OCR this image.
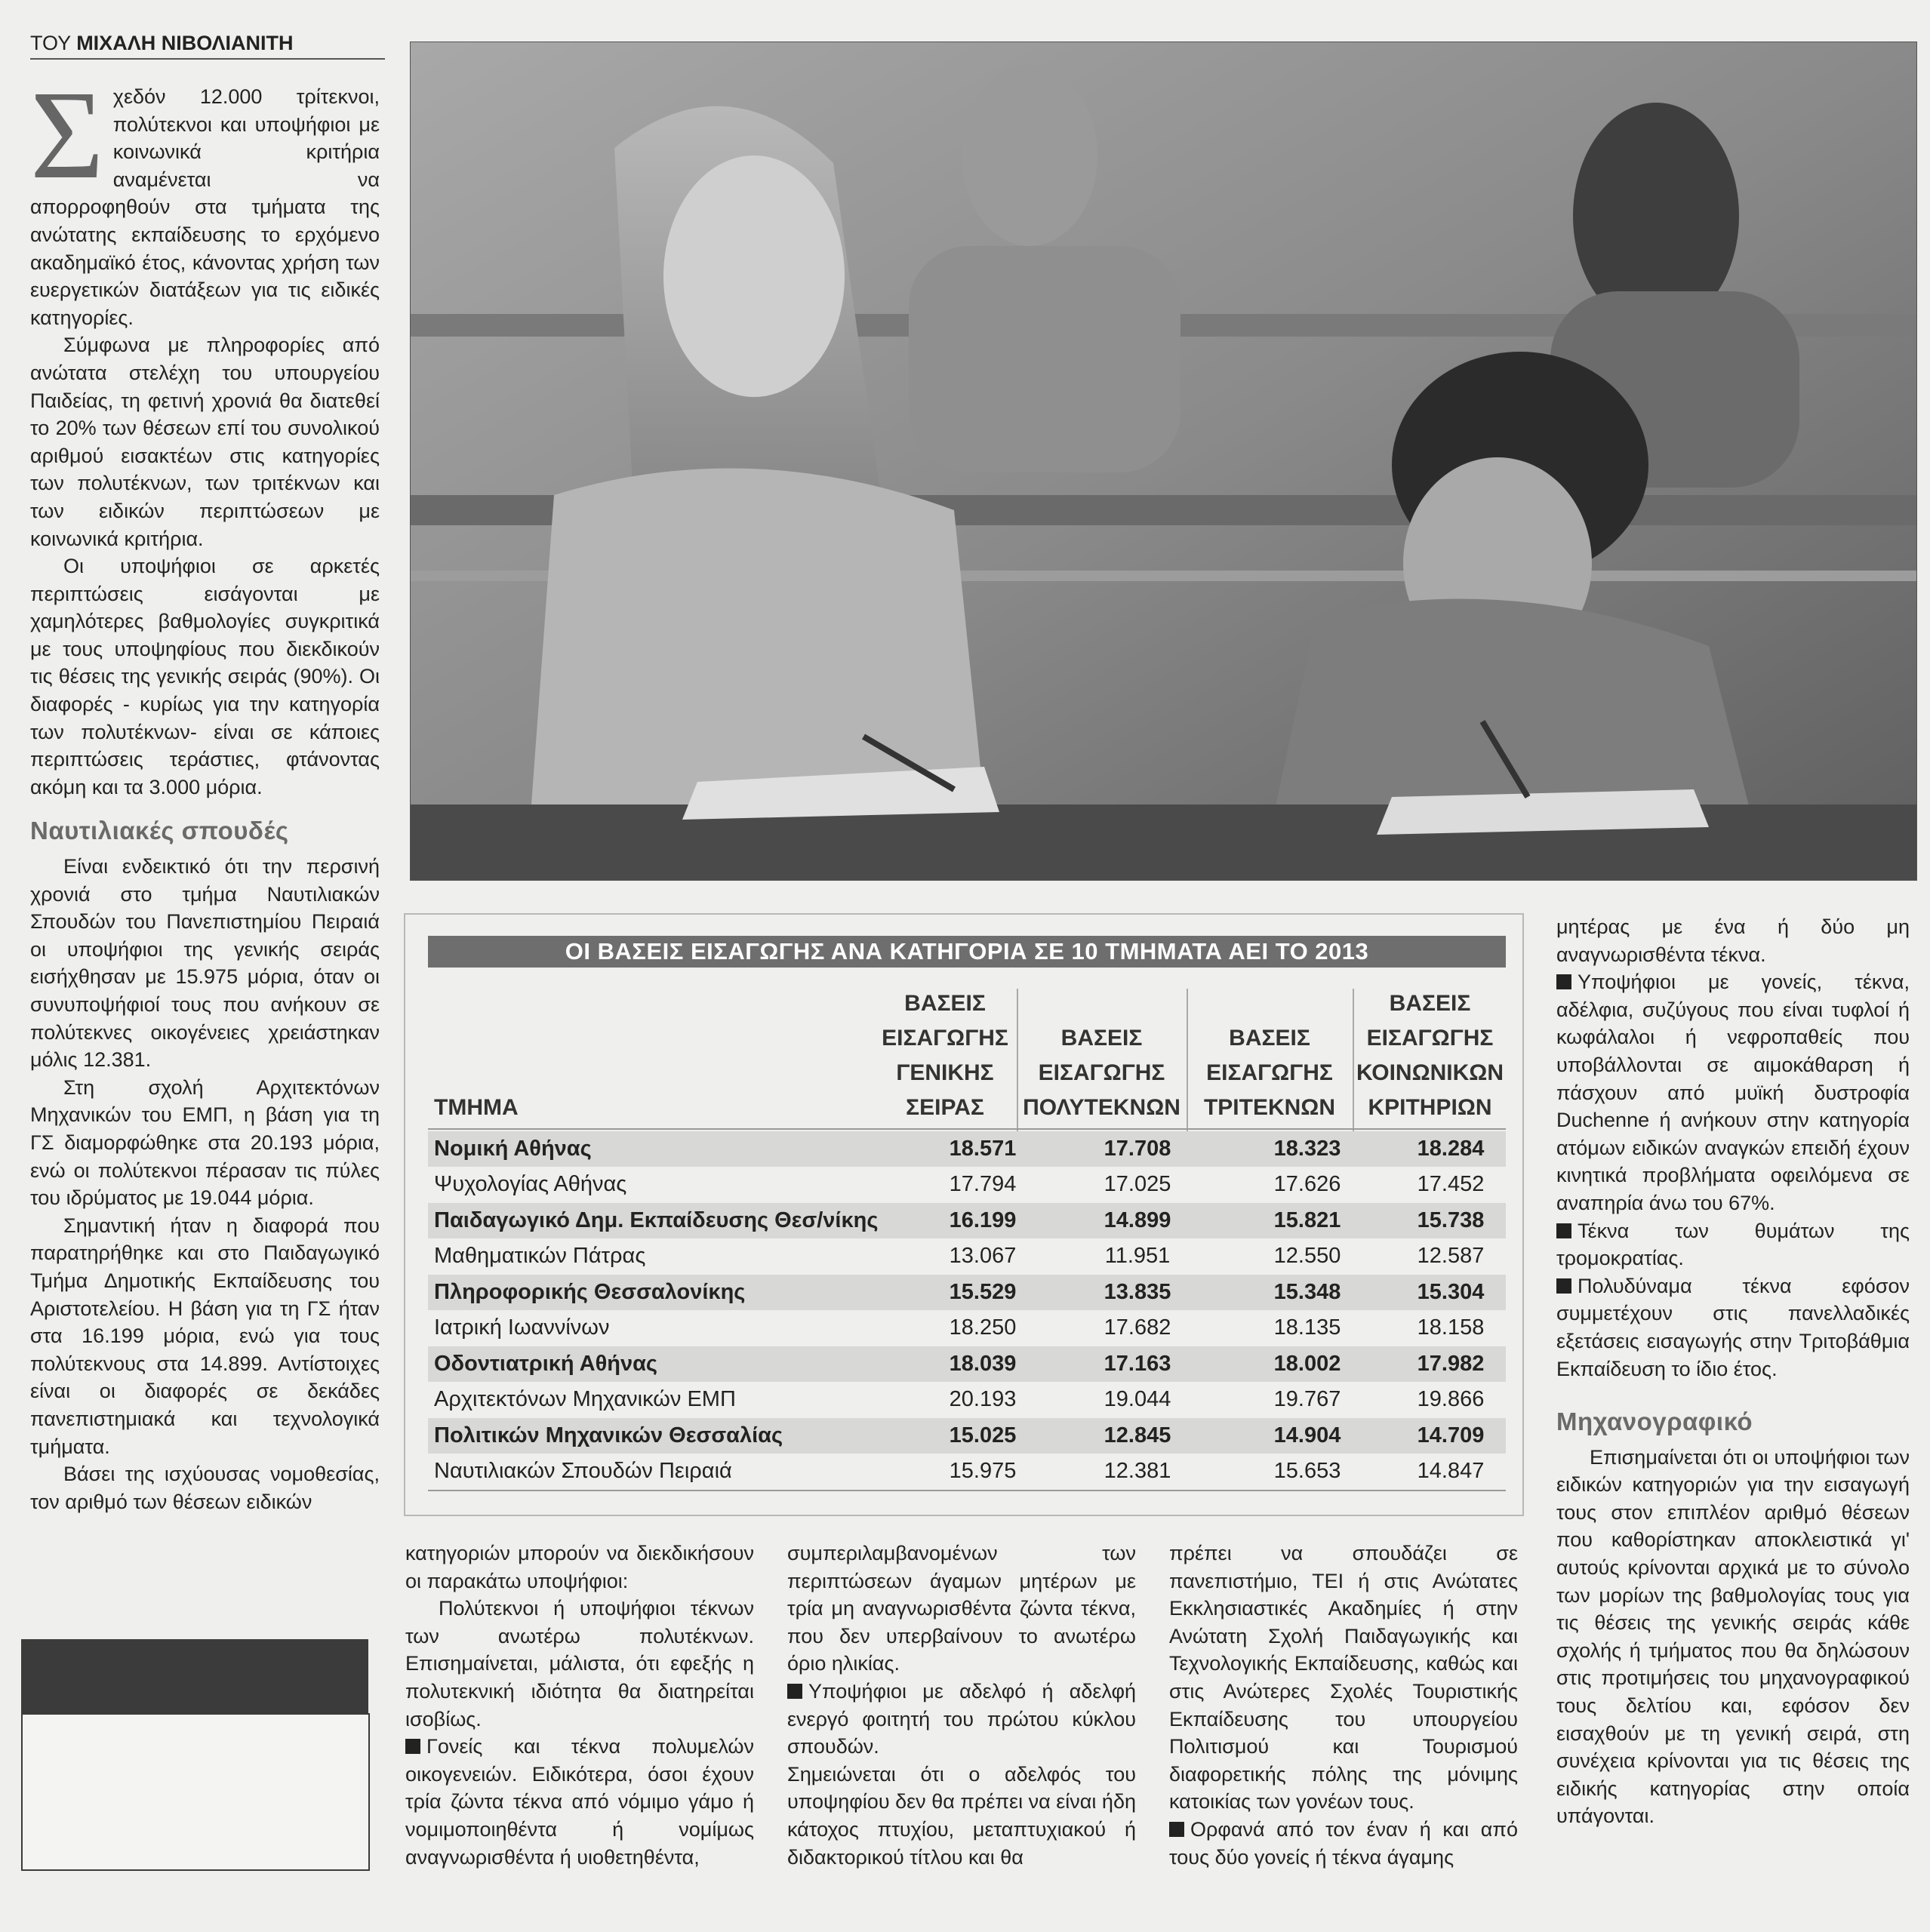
ΤΟΥ ΜΙΧΑΛΗ ΝΙΒΟΛΙΑΝΙΤΗ

Σχεδόν 12.000 τρίτεκνοι, πολύτεκνοι και υποψήφιοι με κοινωνικά κριτήρια αναμένεται να απορροφηθούν στα τμήματα της ανώτατης εκπαίδευσης το ερχόμενο ακαδημαϊκό έτος, κάνοντας χρήση των ευεργετικών διατάξεων για τις ειδικές κατηγορίες.

Σύμφωνα με πληροφορίες από ανώτατα στελέχη του υπουργείου Παιδείας, τη φετινή χρονιά θα διατεθεί το 20% των θέσεων επί του συνολικού αριθμού εισακτέων στις κατηγορίες των πολυτέκνων, των τριτέκνων και των ειδικών περιπτώσεων με κοινωνικά κριτήρια.

Οι υποψήφιοι σε αρκετές περιπτώσεις εισάγονται με χαμηλότερες βαθμολογίες συγκριτικά με τους υποψηφίους που διεκδικούν τις θέσεις της γενικής σειράς (90%). Οι διαφορές - κυρίως για την κατηγορία των πολυτέκνων- είναι σε κάποιες περιπτώσεις τεράστιες, φτάνοντας ακόμη και τα 3.000 μόρια.

Ναυτιλιακές σπουδές

Είναι ενδεικτικό ότι την περσινή χρονιά στο τμήμα Ναυτιλιακών Σπουδών του Πανεπιστημίου Πειραιά οι υποψήφιοι της γενικής σειράς εισήχθησαν με 15.975 μόρια, όταν οι συνυποψήφιοί τους που ανήκουν σε πολύτεκνες οικογένειες χρειάστηκαν μόλις 12.381.

Στη σχολή Αρχιτεκτόνων Μηχανικών του ΕΜΠ, η βάση για τη ΓΣ διαμορφώθηκε στα 20.193 μόρια, ενώ οι πολύτεκνοι πέρασαν τις πύλες του ιδρύματος με 19.044 μόρια.

Σημαντική ήταν η διαφορά που παρατηρήθηκε και στο Παιδαγωγικό Τμήμα Δημοτικής Εκπαίδευσης του Αριστοτελείου. Η βάση για τη ΓΣ ήταν στα 16.199 μόρια, ενώ για τους πολύτεκνους στα 14.899. Αντίστοιχες είναι οι διαφορές σε δεκάδες πανεπιστημιακά και τεχνολογικά τμήματα.

Βάσει της ισχύουσας νομοθεσίας, τον αριθμό των θέσεων ειδικών

ΟΙ ΒΑΣΕΙΣ ΕΙΣΑΓΩΓΗΣ ΑΝΑ ΚΑΤΗΓΟΡΙΑ ΣΕ 10 ΤΜΗΜΑΤΑ ΑΕΙ ΤΟ 2013
ΤΜΗΜΑ
ΒΑΣΕΙΣ
ΕΙΣΑΓΩΓΗΣ
ΓΕΝΙΚΗΣ
ΣΕΙΡΑΣ
ΒΑΣΕΙΣ
ΕΙΣΑΓΩΓΗΣ
ΠΟΛΥΤΕΚΝΩΝ
ΒΑΣΕΙΣ
ΕΙΣΑΓΩΓΗΣ
ΤΡΙΤΕΚΝΩΝ
ΒΑΣΕΙΣ
ΕΙΣΑΓΩΓΗΣ
ΚΟΙΝΩΝΙΚΩΝ
ΚΡΙΤΗΡΙΩΝ
Νομική Αθήνας	18.571	17.708	18.323	18.284
Ψυχολογίας Αθήνας	17.794	17.025	17.626	17.452
Παιδαγωγικό Δημ. Εκπαίδευσης Θεσ/νίκης	16.199	14.899	15.821	15.738
Μαθηματικών Πάτρας	13.067	11.951	12.550	12.587
Πληροφορικής Θεσσαλονίκης	15.529	13.835	15.348	15.304
Ιατρική Ιωαννίνων	18.250	17.682	18.135	18.158
Οδοντιατρική Αθήνας	18.039	17.163	18.002	17.982
Αρχιτεκτόνων Μηχανικών ΕΜΠ	20.193	19.044	19.767	19.866
Πολιτικών Μηχανικών Θεσσαλίας	15.025	12.845	14.904	14.709
Ναυτιλιακών Σπουδών Πειραιά	15.975	12.381	15.653	14.847

μητέρας με ένα ή δύο μη αναγνωρισθέντα τέκνα.

Υποψήφιοι με γονείς, τέκνα, αδέλφια, συζύγους που είναι τυφλοί ή κωφάλαλοι ή νεφροπαθείς που υποβάλλονται σε αιμοκάθαρση ή πάσχουν από μυϊκή δυστροφία Duchenne ή ανήκουν στην κατηγορία ατόμων ειδικών αναγκών επειδή έχουν κινητικά προβλήματα οφειλόμενα σε αναπηρία άνω του 67%.

Τέκνα των θυμάτων της τρομοκρατίας.

Πολυδύναμα τέκνα εφόσον συμμετέχουν στις πανελλαδικές εξετάσεις εισαγωγής στην Τριτοβάθμια Εκπαίδευση το ίδιο έτος.

Μηχανογραφικό

Επισημαίνεται ότι οι υποψήφιοι των ειδικών κατηγοριών για την εισαγωγή τους στον επιπλέον αριθμό θέσεων που καθορίστηκαν αποκλειστικά γι' αυτούς κρίνονται αρχικά με το σύνολο των μορίων της βαθμολογίας τους για τις θέσεις της γενικής σειράς κάθε σχολής ή τμήματος που θα δηλώσουν στις προτιμήσεις του μηχανογραφικού τους δελτίου και, εφόσον δεν εισαχθούν με τη γενική σειρά, στη συνέχεια κρίνονται για τις θέσεις της ειδικής κατηγορίας στην οποία υπάγονται.

κατηγοριών μπορούν να διεκδικήσουν οι παρακάτω υποψήφιοι:

Πολύτεκνοι ή υποψήφιοι τέκνων των ανωτέρω πολυτέκνων. Επισημαίνεται, μάλιστα, ότι εφεξής η πολυτεκνική ιδιότητα θα διατηρείται ισοβίως.

Γονείς και τέκνα πολυμελών οικογενειών. Ειδικότερα, όσοι έχουν τρία ζώντα τέκνα από νόμιμο γάμο ή νομιμοποιηθέντα ή νομίμως αναγνωρισθέντα ή υιοθετηθέντα,

συμπεριλαμβανομένων των περιπτώσεων άγαμων μητέρων με τρία μη αναγνωρισθέντα ζώντα τέκνα, που δεν υπερβαίνουν το ανωτέρω όριο ηλικίας.

Υποψήφιοι με αδελφό ή αδελφή ενεργό φοιτητή του πρώτου κύκλου σπουδών.

Σημειώνεται ότι ο αδελφός του υποψηφίου δεν θα πρέπει να είναι ήδη κάτοχος πτυχίου, μεταπτυχιακού ή διδακτορικού τίτλου και θα

πρέπει να σπουδάζει σε πανεπιστήμιο, ΤΕΙ ή στις Ανώτατες Εκκλησιαστικές Ακαδημίες ή στην Ανώτατη Σχολή Παιδαγωγικής και Τεχνολογικής Εκπαίδευσης, καθώς και στις Ανώτερες Σχολές Τουριστικής Εκπαίδευσης του υπουργείου Πολιτισμού και Τουρισμού διαφορετικής πόλης της μόνιμης κατοικίας των γονέων τους.

Ορφανά από τον έναν ή και από τους δύο γονείς ή τέκνα άγαμης
